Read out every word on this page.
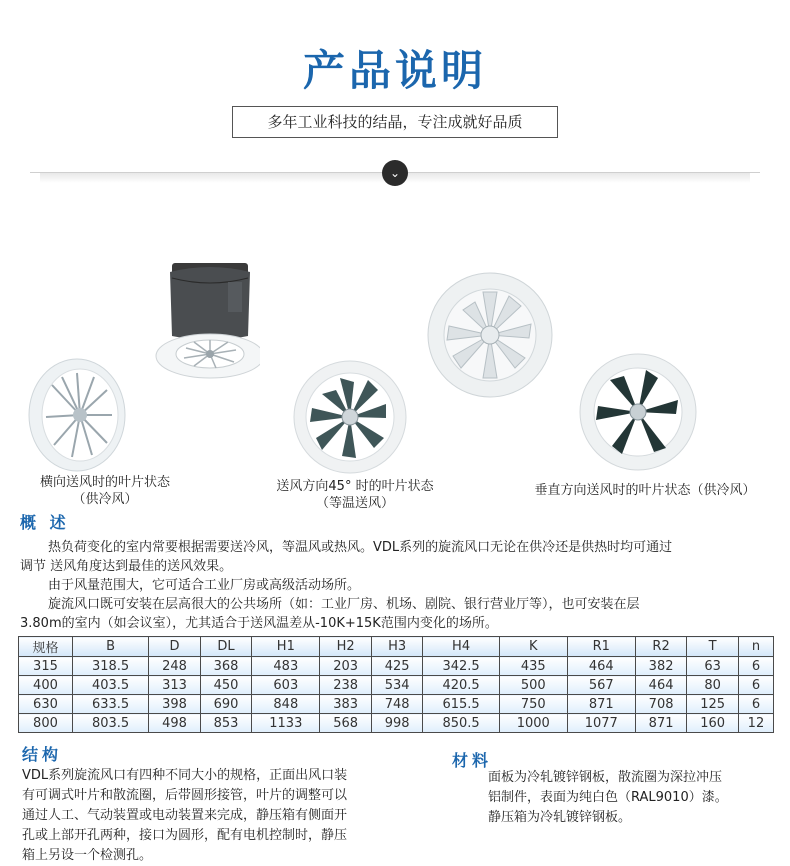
产品说明
多年工业科技的结晶，专注成就好品质
⌄
横向送风时的叶片状态
（供冷风）
送风方向45° 时的叶片状态
（等温送风）
垂直方向送风时的叶片状态（供冷风）
概 述
热负荷变化的室内常要根据需要送冷风，等温风或热风。VDL系列的旋流风口无论在供冷还是供热时均可通过
调节 送风角度达到最佳的送风效果。
由于风量范围大，它可适合工业厂房或高级活动场所。
旋流风口既可安装在层高很大的公共场所（如：工业厂房、机场、剧院、银行营业厅等），也可安装在层
3.80m的室内（如会议室），尤其适合于送风温差从-10K+15K范围内变化的场所。
规格	B	D	DL	H1	H2	H3	H4	K	R1	R2	T	n
315	318.5	248	368	483	203	425	342.5	435	464	382	63	6
400	403.5	313	450	603	238	534	420.5	500	567	464	80	6
630	633.5	398	690	848	383	748	615.5	750	871	708	125	6
800	803.5	498	853	1133	568	998	850.5	1000	1077	871	160	12
结构
VDL系列旋流风口有四种不同大小的规格，正面出风口装
有可调式叶片和散流圈，后带圆形接管，叶片的调整可以
通过人工、气动装置或电动装置来完成，静压箱有侧面开
孔或上部开孔两种，接口为圆形，配有电机控制时，静压
箱上另设一个检测孔。
材料
面板为冷轧镀锌钢板，散流圈为深拉冲压
铝制件，表面为纯白色（RAL9010）漆。
静压箱为冷轧镀锌钢板。
